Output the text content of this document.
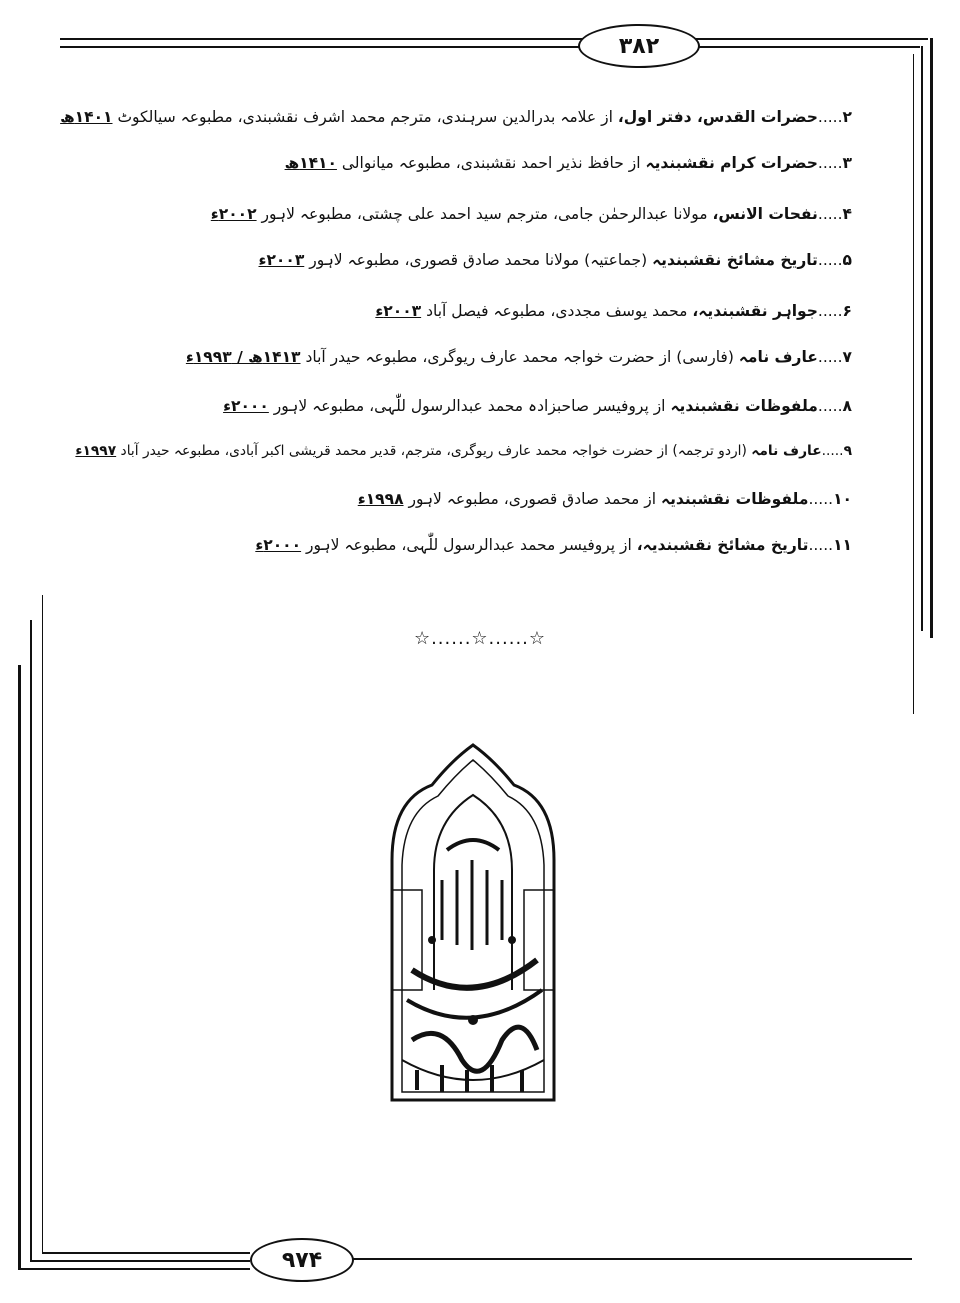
۳۸۲
۲.....حضرات القدس، دفتر اول، از علامہ بدرالدین سرہندی، مترجم محمد اشرف نقشبندی، مطبوعہ سیالکوٹ ۱۴۰۱ھ
۳.....حضرات کرام نقشبندیہ از حافظ نذیر احمد نقشبندی، مطبوعہ میانوالی ۱۴۱۰ھ
۴.....نفحات الانس، مولانا عبدالرحمٰن جامی، مترجم سید احمد علی چشتی، مطبوعہ لاہور ۲۰۰۲ء
۵.....تاریخ مشائخ نقشبندیہ (جماعتیہ) مولانا محمد صادق قصوری، مطبوعہ لاہور ۲۰۰۳ء
۶.....جواہر نقشبندیہ، محمد یوسف مجددی، مطبوعہ فیصل آباد ۲۰۰۳ء
۷.....عارف نامہ (فارسی) از حضرت خواجہ محمد عارف ریوگری، مطبوعہ حیدر آباد ۱۴۱۳ھ / ۱۹۹۳ء
۸.....ملفوظات نقشبندیہ از پروفیسر صاحبزادہ محمد عبدالرسول للّٰہی، مطبوعہ لاہور ۲۰۰۰ء
۹.....عارف نامہ (اردو ترجمہ) از حضرت خواجہ محمد عارف ریوگری، مترجم، قدیر محمد قریشی اکبر آبادی، مطبوعہ حیدر آباد ۱۹۹۷ء
۱۰.....ملفوظات نقشبندیہ از محمد صادق قصوری، مطبوعہ لاہور ۱۹۹۸ء
۱۱.....تاریخ مشائخ نقشبندیہ، از پروفیسر محمد عبدالرسول للّٰہی، مطبوعہ لاہور ۲۰۰۰ء
☆......☆......☆
۹۷۴
